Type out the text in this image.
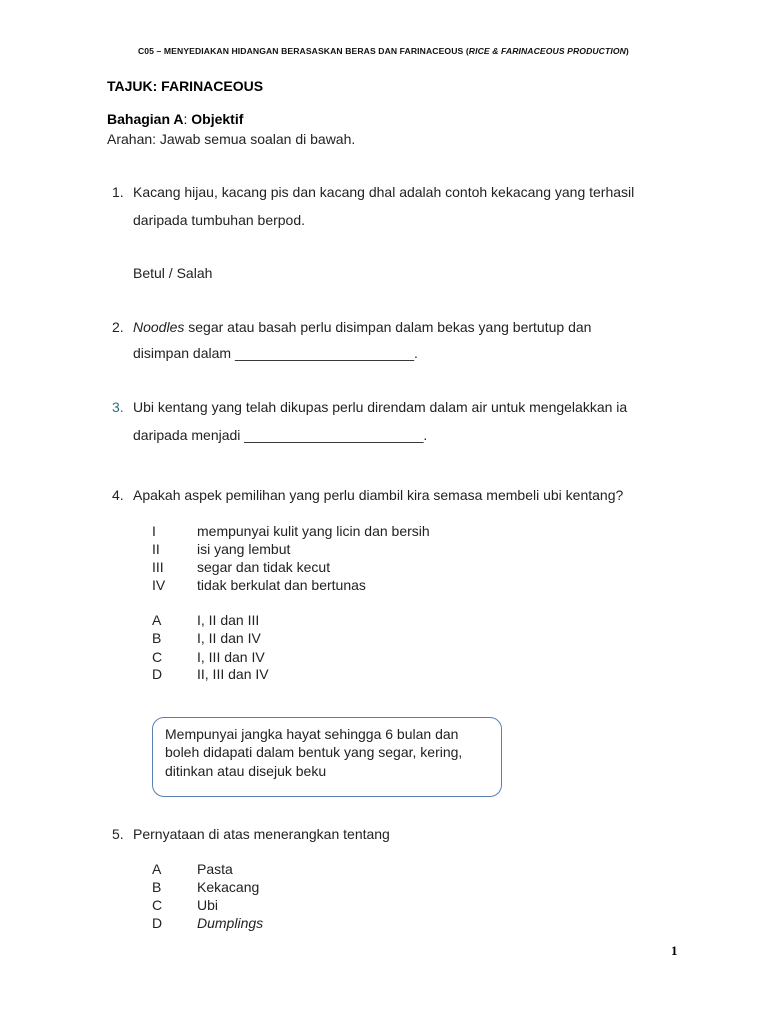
C05 – MENYEDIAKAN HIDANGAN BERASASKAN BERAS DAN FARINACEOUS (RICE & FARINACEOUS PRODUCTION)
TAJUK: FARINACEOUS
Bahagian A: Objektif
Arahan: Jawab semua soalan di bawah.
1. Kacang hijau, kacang pis dan kacang dhal adalah contoh kekacang yang terhasil
daripada tumbuhan berpod.
Betul / Salah
2. Noodles segar atau basah perlu disimpan dalam bekas yang bertutup dan
disimpan dalam _______________________.
3. Ubi kentang yang telah dikupas perlu direndam dalam air untuk mengelakkan ia
daripada menjadi _______________________.
4. Apakah aspek pemilihan yang perlu diambil kira semasa membeli ubi kentang?
I	mempunyai kulit yang licin dan bersih
II	isi yang lembut
III segar dan tidak kecut
IV tidak berkulat dan bertunas
A	I, II dan III
B	I, II dan IV
C I, III dan IV
D II, III dan IV
Mempunyai jangka hayat sehingga 6 bulan dan
boleh didapati dalam bentuk yang segar, kering,
ditinkan atau disejuk beku
5. Pernyataan di atas menerangkan tentang
A	Pasta
B	Kekacang
C Ubi
D Dumplings
1
